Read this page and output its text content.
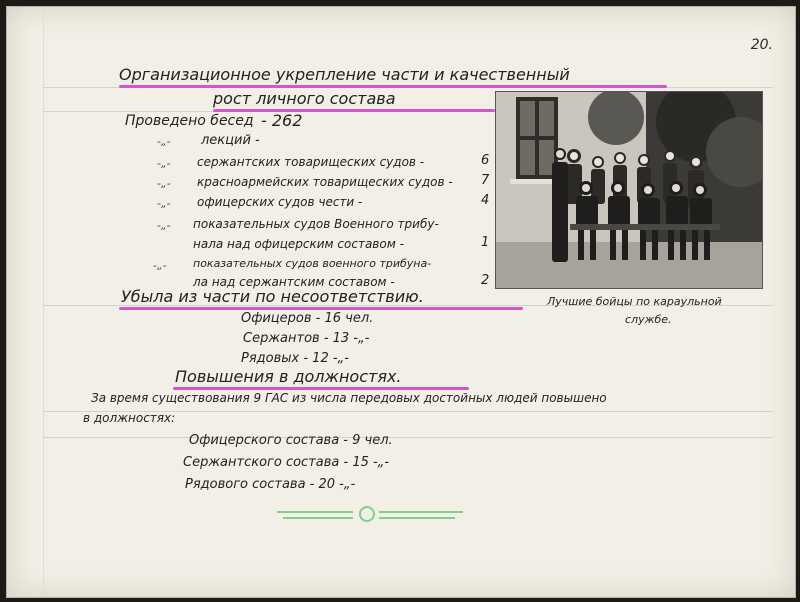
20.
Организационное укрепление части и качественный
рост личного состава
Проведено бесед - 262
-„- лекций -
-„- сержантских товарищеских судов -	6
-„- красноармейских товарищеских судов - 7
-„- офицерских судов чести -	4
-„- показательных судов Военного трибу-
нала над офицерским составом -	1
-„- показательных судов военного трибуна-
ла над сержантским составом -	2
Убыла из части по несоответствию.	Лучшие бойцы по караульной
службе.
Офицеров - 16 чел.
Сержантов - 13 -„-
Рядовых - 12 -„-
Повышения в должностях.
За время существования 9 ГАС из числа передовых достойных людей повышено
в должностях:
Офицерского состава - 9 чел.
Сержантского состава - 15 -„-
Рядового состава - 20 -„-
